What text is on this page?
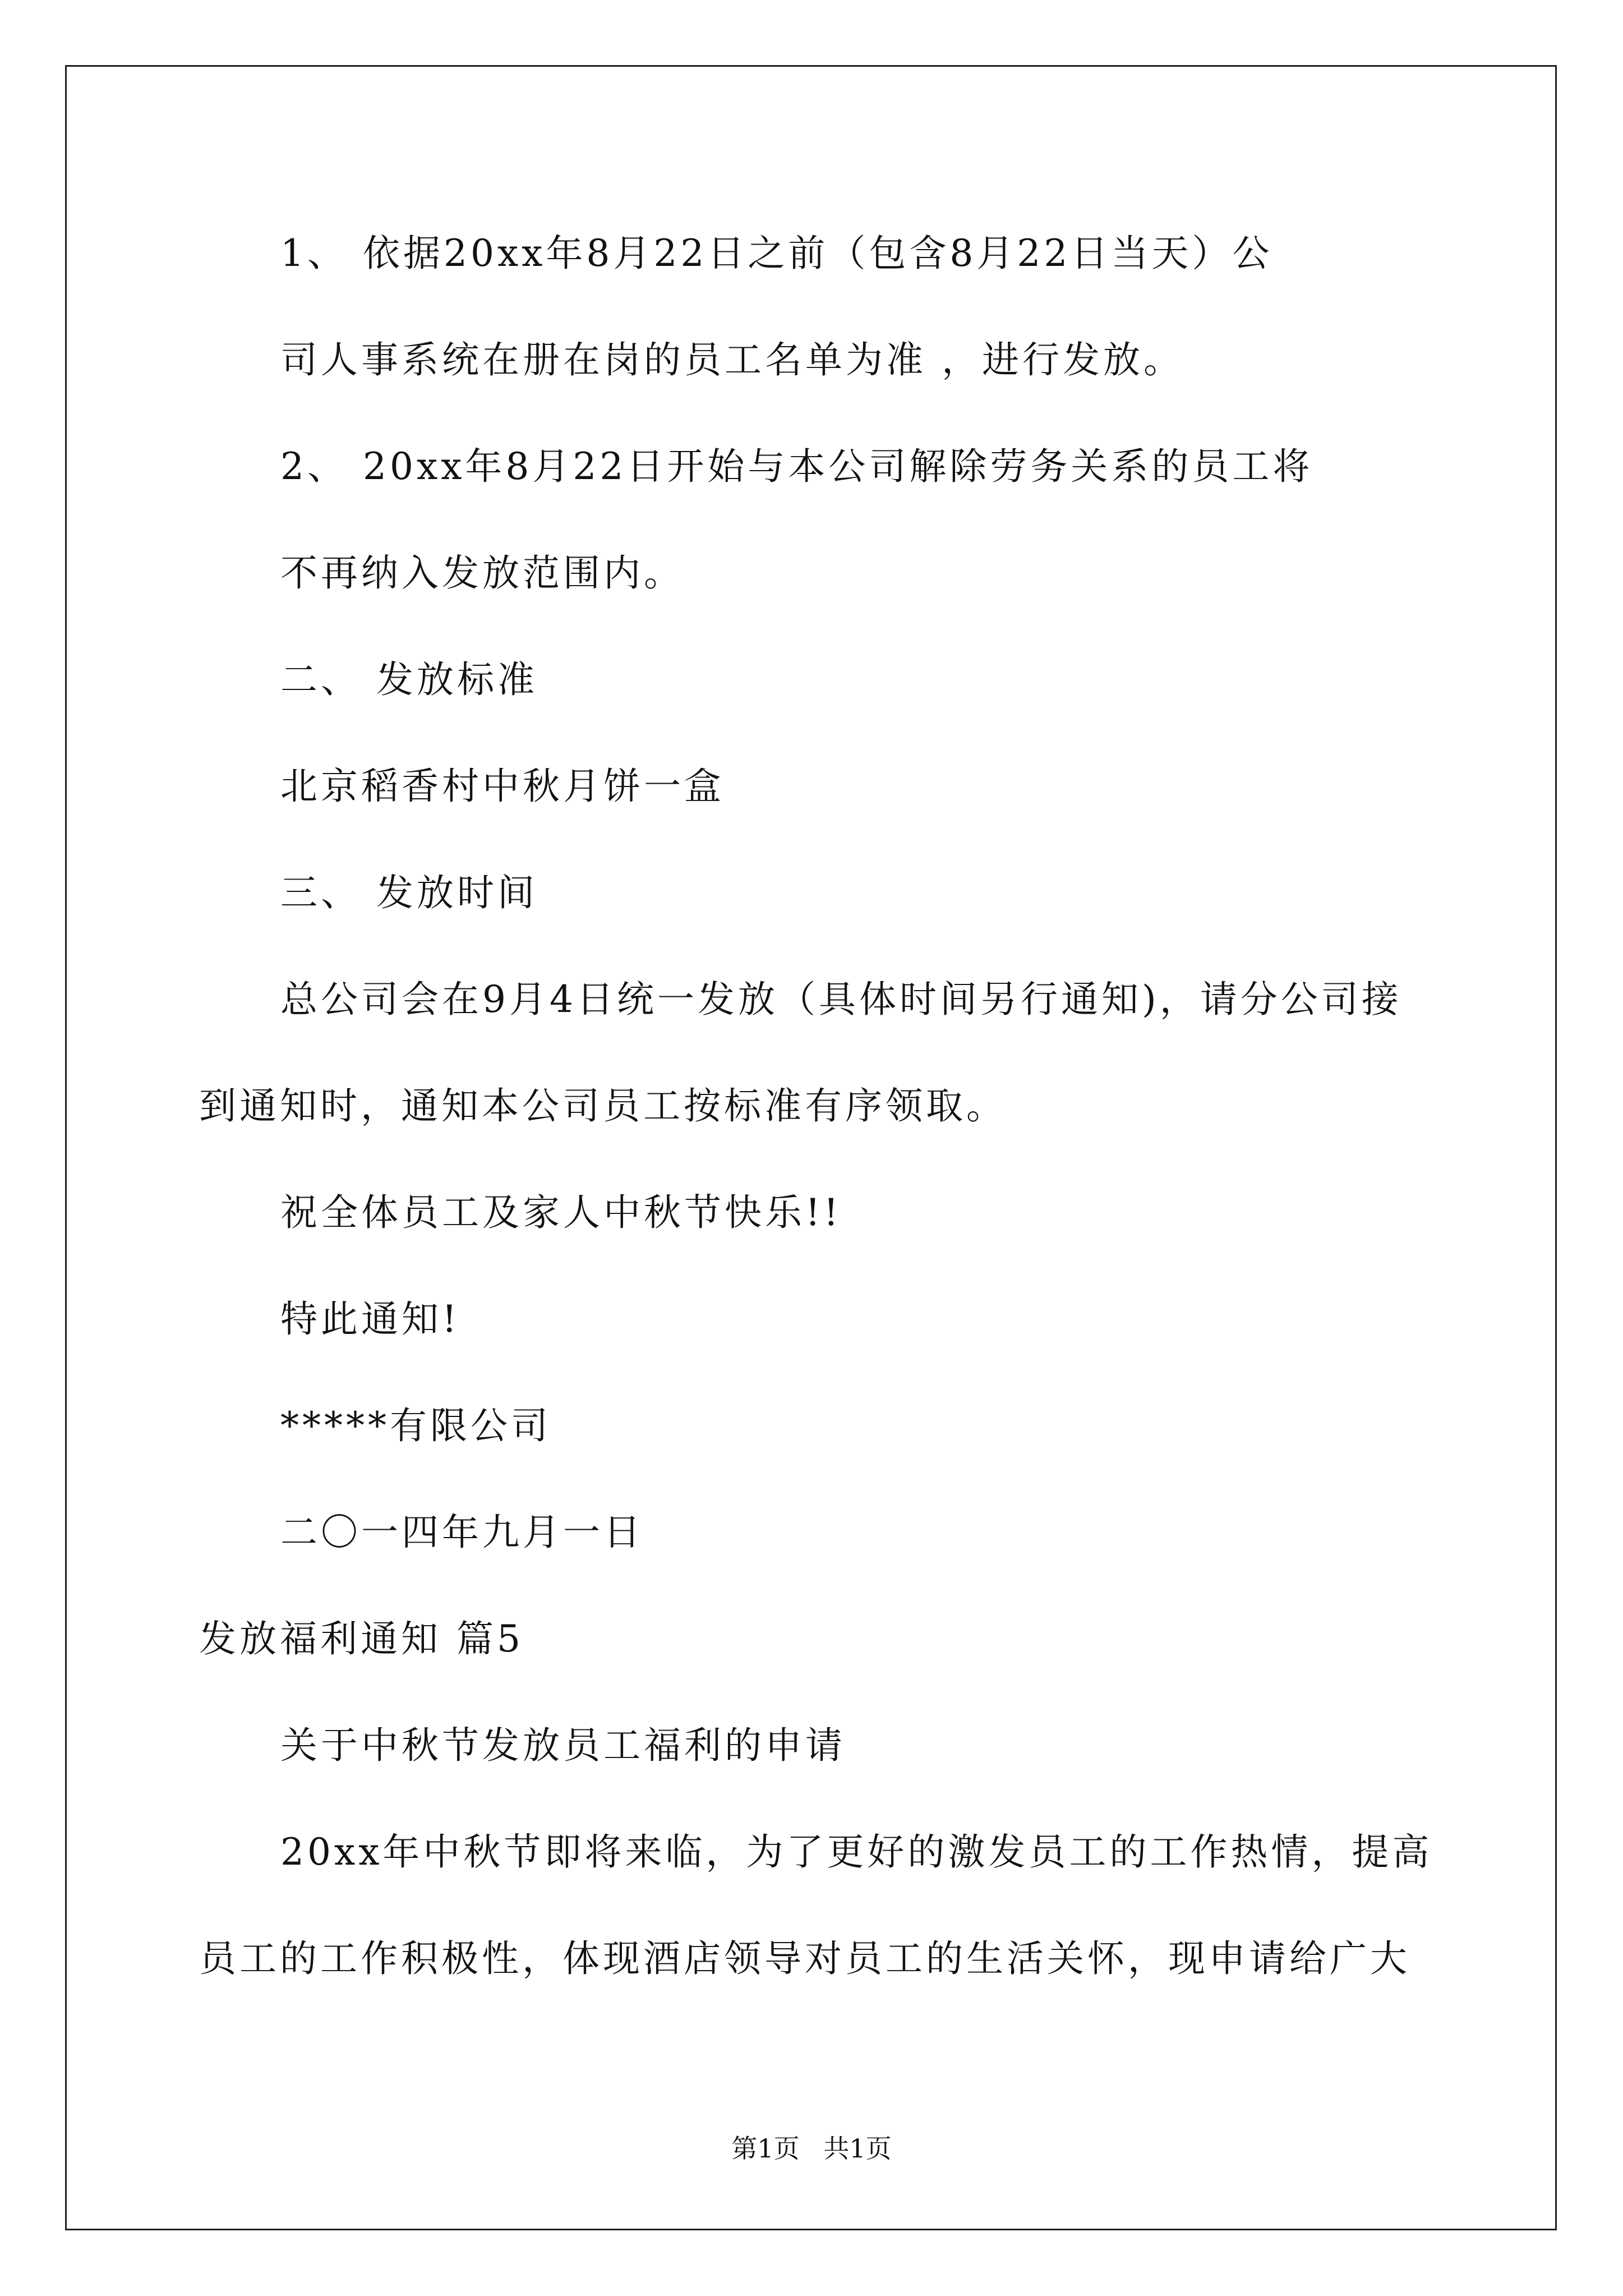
1、 依据20xx年8月22日之前（包含8月22日当天）公
司人事系统在册在岗的员工名单为准 ，进行发放。
2、 20xx年8月22日开始与本公司解除劳务关系的员工将
不再纳入发放范围内。
二、 发放标准
北京稻香村中秋月饼一盒
三、 发放时间
总公司会在9月4日统一发放（具体时间另行通知)，请分公司接
到通知时，通知本公司员工按标准有序领取。
祝全体员工及家人中秋节快乐!!
特此通知!
*****有限公司
二〇一四年九月一日
发放福利通知 篇5
关于中秋节发放员工福利的申请
20xx年中秋节即将来临，为了更好的激发员工的工作热情，提高
员工的工作积极性，体现酒店领导对员工的生活关怀，现申请给广大
第1页 共1页
